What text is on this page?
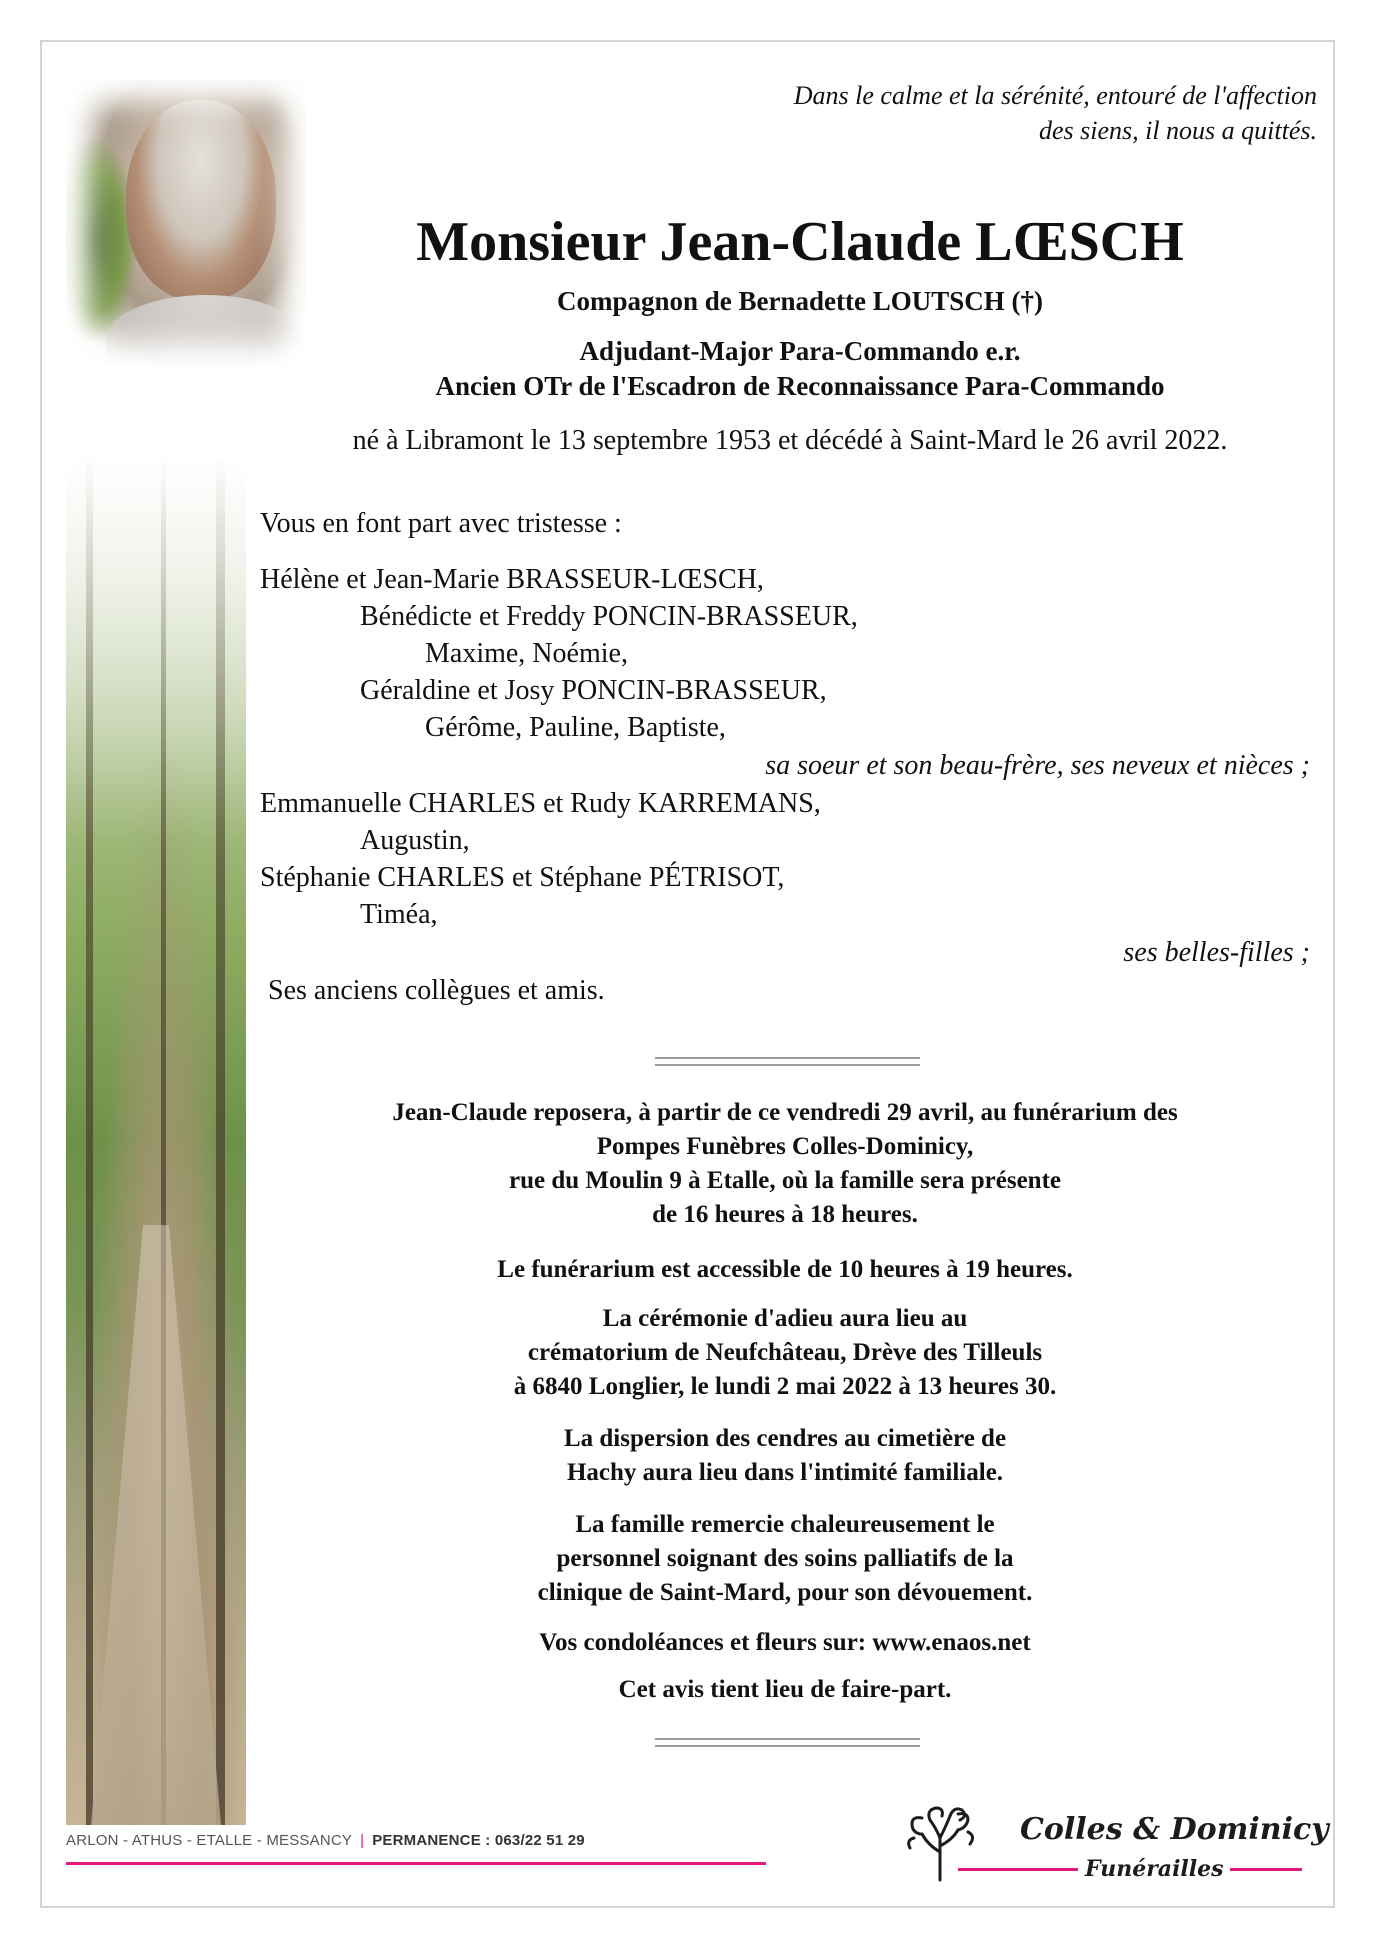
Dans le calme et la sérénité, entouré de l'affection
des siens, il nous a quittés.
Monsieur Jean-Claude LŒSCH
Compagnon de Bernadette LOUTSCH (†)
Adjudant-Major Para-Commando e.r.
Ancien OTr de l'Escadron de Reconnaissance Para-Commando
né à Libramont le 13 septembre 1953 et décédé à Saint-Mard le 26 avril 2022.
Vous en font part avec tristesse :
Hélène et Jean-Marie BRASSEUR-LŒSCH,
Bénédicte et Freddy PONCIN-BRASSEUR,
Maxime, Noémie,
Géraldine et Josy PONCIN-BRASSEUR,
Gérôme, Pauline, Baptiste,
sa soeur et son beau-frère, ses neveux et nièces ;
Emmanuelle CHARLES et Rudy KARREMANS,
Augustin,
Stéphanie CHARLES et Stéphane PÉTRISOT,
Timéa,
ses belles-filles ;
Ses anciens collègues et amis.
Jean-Claude reposera, à partir de ce vendredi 29 avril, au funérarium des
Pompes Funèbres Colles-Dominicy,
rue du Moulin 9 à Etalle, où la famille sera présente
de 16 heures à 18 heures.
Le funérarium est accessible de 10 heures à 19 heures.
La cérémonie d'adieu aura lieu au
crématorium de Neufchâteau, Drève des Tilleuls
à 6840 Longlier, le lundi 2 mai 2022 à 13 heures 30.
La dispersion des cendres au cimetière de
Hachy aura lieu dans l'intimité familiale.
La famille remercie chaleureusement le
personnel soignant des soins palliatifs de la
clinique de Saint-Mard, pour son dévouement.
Vos condoléances et fleurs sur: www.enaos.net
Cet avis tient lieu de faire-part.
ARLON - ATHUS - ETALLE - MESSANCY | PERMANENCE : 063/22 51 29	Colles & Dominicy
Funérailles
